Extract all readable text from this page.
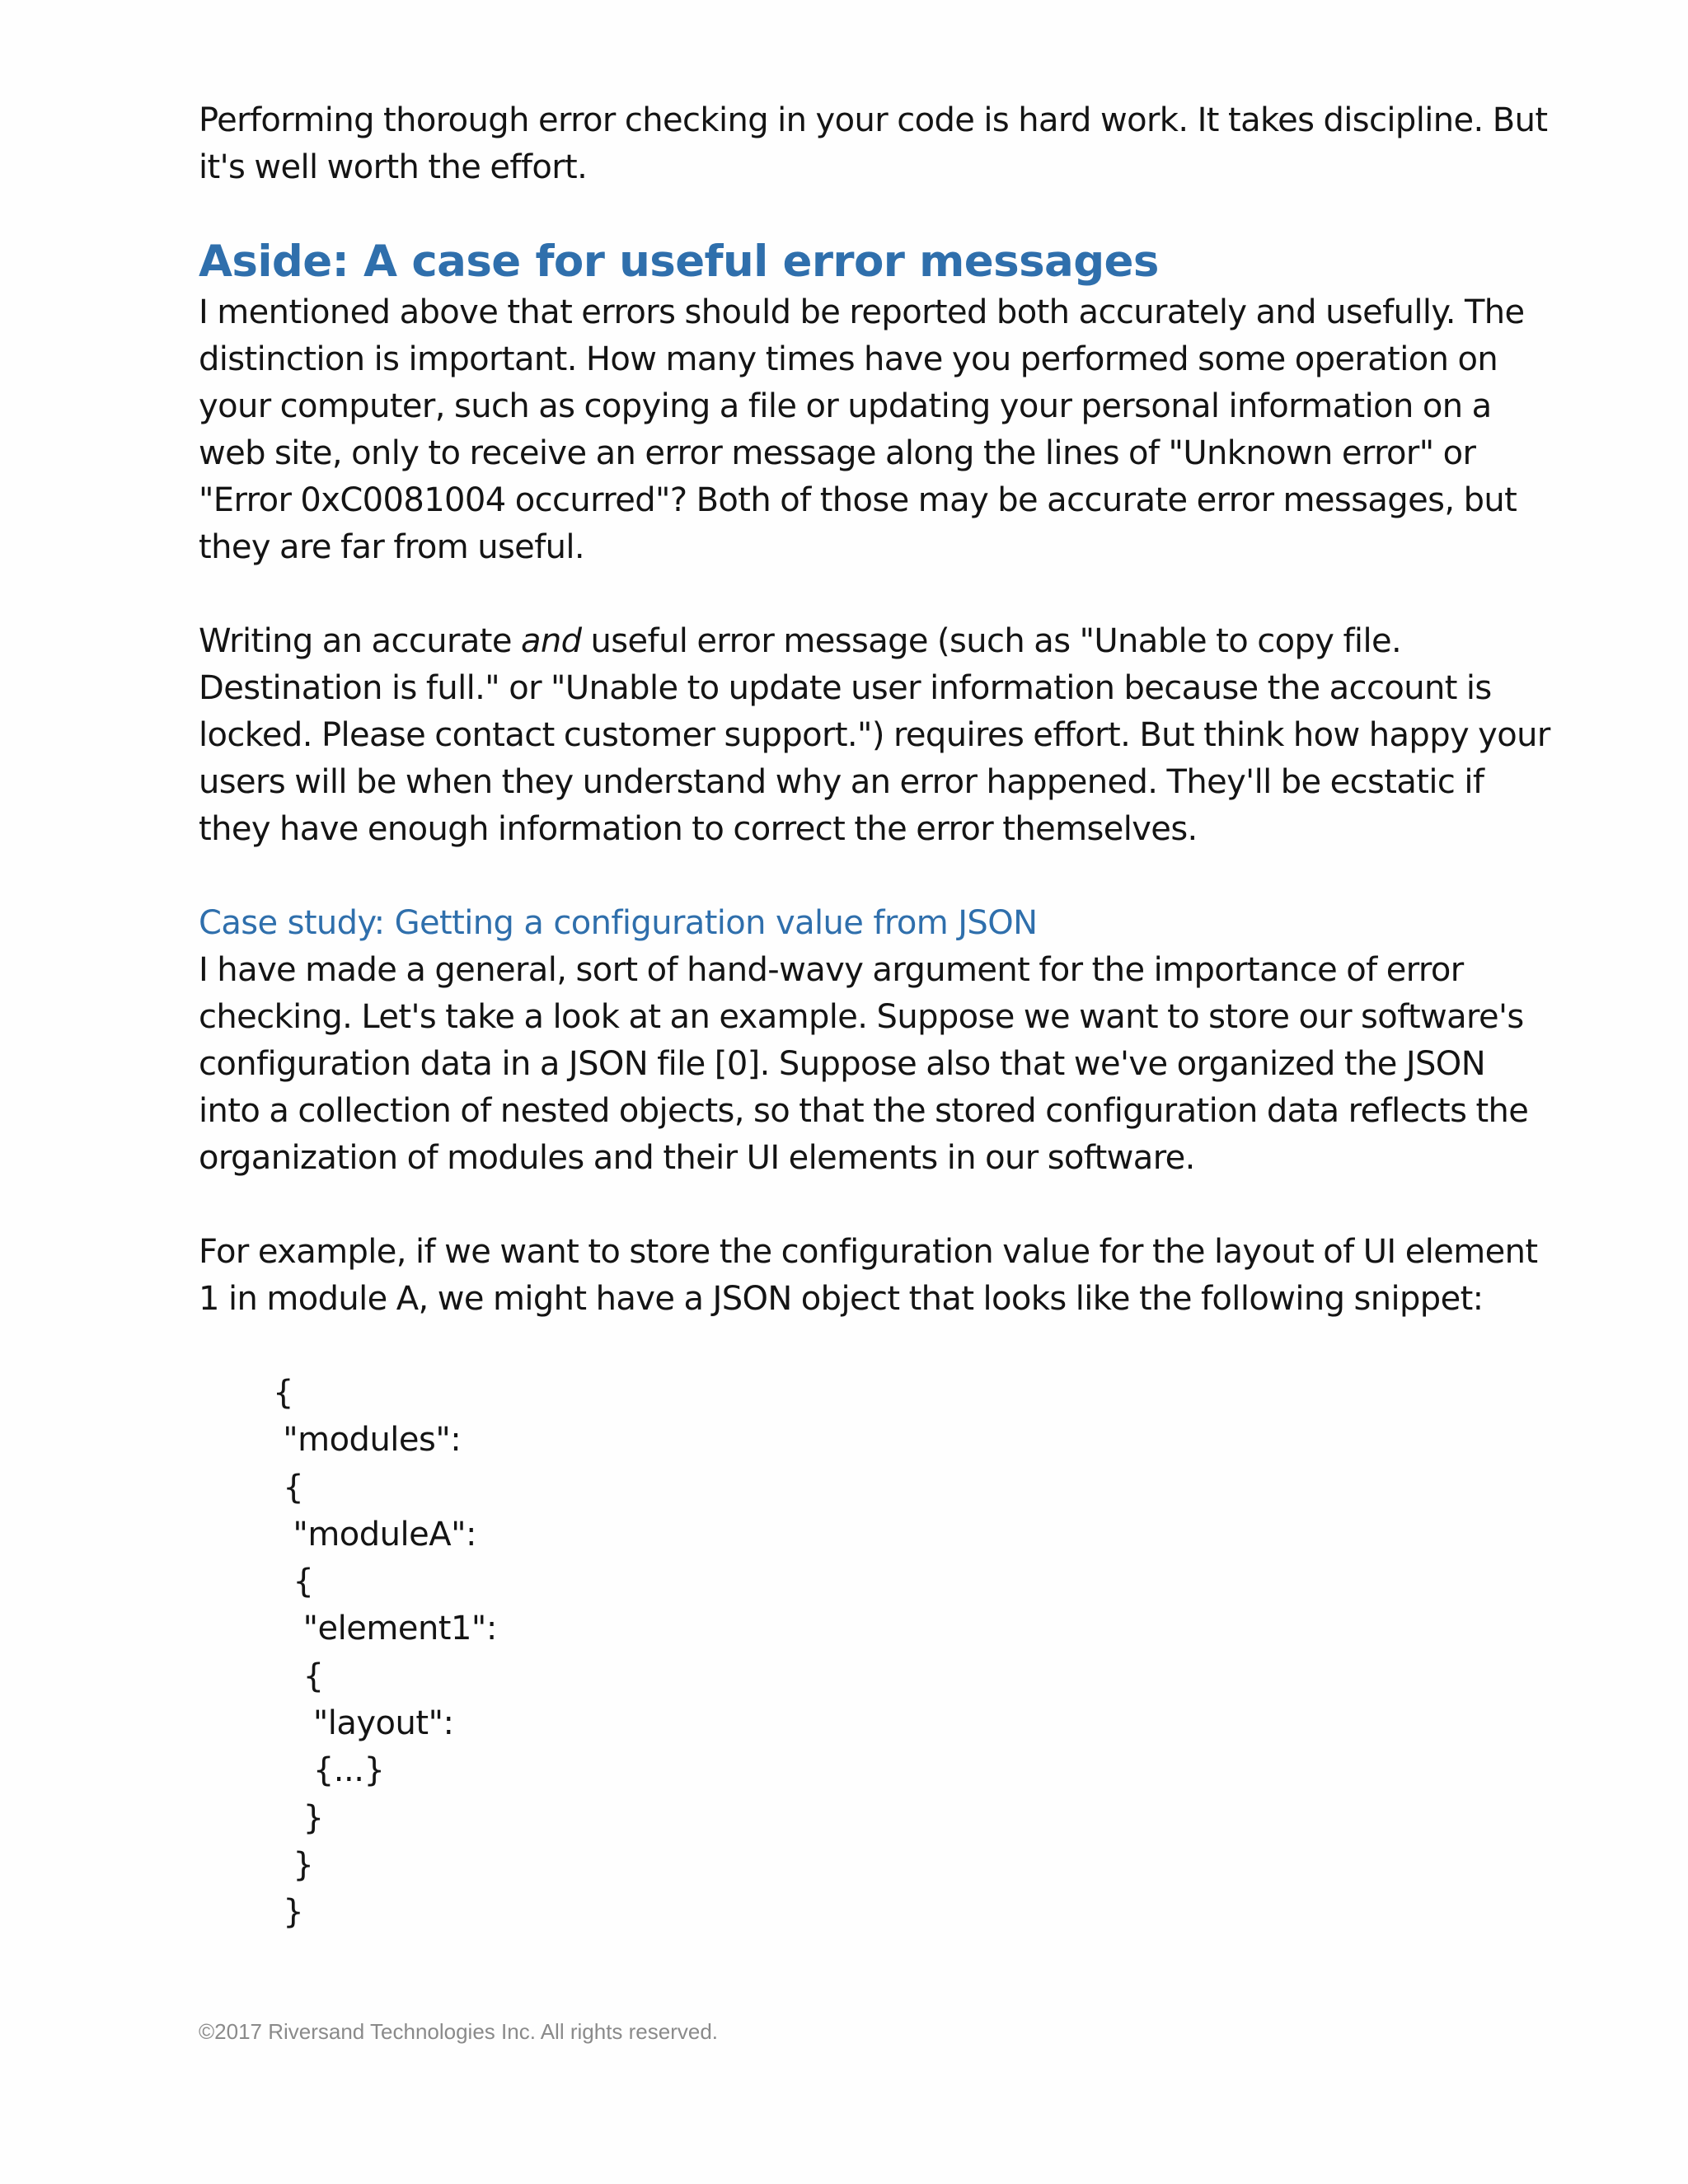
Performing thorough error checking in your code is hard work. It takes discipline. But it's well worth the effort.

Aside: A case for useful error messages

I mentioned above that errors should be reported both accurately and usefully. The distinction is important. How many times have you performed some operation on your computer, such as copying a file or updating your personal information on a web site, only to receive an error message along the lines of "Unknown error" or "Error 0xC0081004 occurred"? Both of those may be accurate error messages, but they are far from useful.

Writing an accurate and useful error message (such as "Unable to copy file. Destination is full." or "Unable to update user information because the account is locked. Please contact customer support.") requires effort. But think how happy your users will be when they understand why an error happened. They'll be ecstatic if they have enough information to correct the error themselves.

Case study: Getting a configuration value from JSON

I have made a general, sort of hand-wavy argument for the importance of error checking. Let's take a look at an example. Suppose we want to store our software's configuration data in a JSON file [0]. Suppose also that we've organized the JSON into a collection of nested objects, so that the stored configuration data reflects the organization of modules and their UI elements in our software.

For example, if we want to store the configuration value for the layout of UI element 1 in module A, we might have a JSON object that looks like the following snippet:

{
"modules":
{
"moduleA":
{
"element1":
{
"layout":
{...}
}
}
}
©2017 Riversand Technologies Inc. All rights reserved.
